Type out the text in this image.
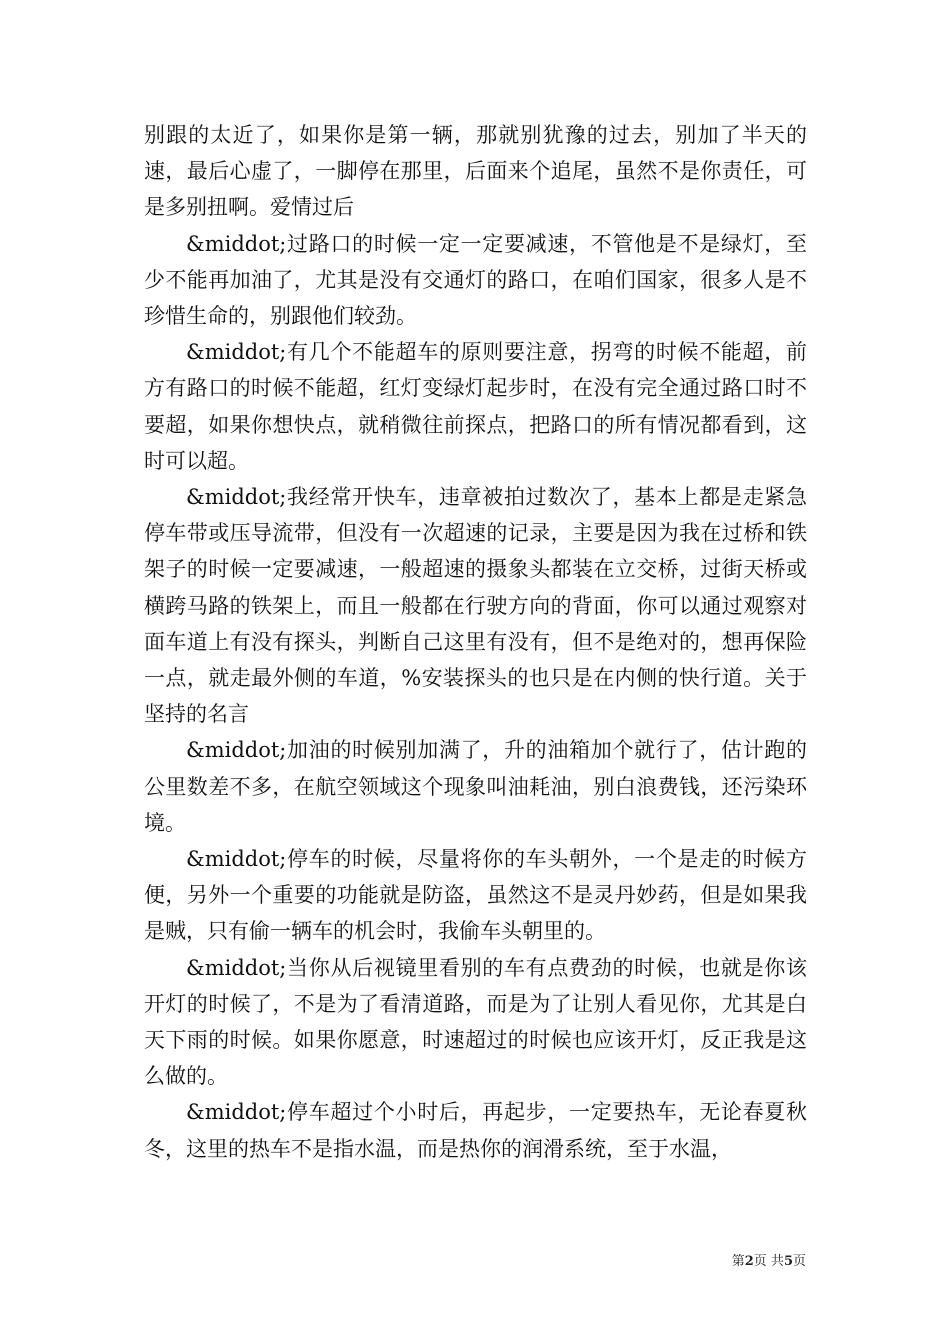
别跟的太近了，如果你是第一辆，那就别犹豫的过去，别加了半天的速，最后心虚了，一脚停在那里，后面来个追尾，虽然不是你责任，可是多别扭啊。爱情过后

&middot;过路口的时候一定一定要减速，不管他是不是绿灯，至少不能再加油了，尤其是没有交通灯的路口，在咱们国家，很多人是不珍惜生命的，别跟他们较劲。

&middot;有几个不能超车的原则要注意，拐弯的时候不能超，前方有路口的时候不能超，红灯变绿灯起步时，在没有完全通过路口时不要超，如果你想快点，就稍微往前探点，把路口的所有情况都看到，这时可以超。

&middot;我经常开快车，违章被拍过数次了，基本上都是走紧急停车带或压导流带，但没有一次超速的记录，主要是因为我在过桥和铁架子的时候一定要减速，一般超速的摄象头都装在立交桥，过街天桥或横跨马路的铁架上，而且一般都在行驶方向的背面，你可以通过观察对面车道上有没有探头，判断自己这里有没有，但不是绝对的，想再保险一点，就走最外侧的车道，%安装探头的也只是在内侧的快行道。关于坚持的名言

&middot;加油的时候别加满了，升的油箱加个就行了，估计跑的公里数差不多，在航空领域这个现象叫油耗油，别白浪费钱，还污染环境。

&middot;停车的时候，尽量将你的车头朝外，一个是走的时候方便，另外一个重要的功能就是防盗，虽然这不是灵丹妙药，但是如果我是贼，只有偷一辆车的机会时，我偷车头朝里的。

&middot;当你从后视镜里看别的车有点费劲的时候，也就是你该开灯的时候了，不是为了看清道路，而是为了让别人看见你，尤其是白天下雨的时候。如果你愿意，时速超过的时候也应该开灯，反正我是这么做的。

&middot;停车超过个小时后，再起步，一定要热车，无论春夏秋冬，这里的热车不是指水温，而是热你的润滑系统，至于水温，

第2页 共5页
